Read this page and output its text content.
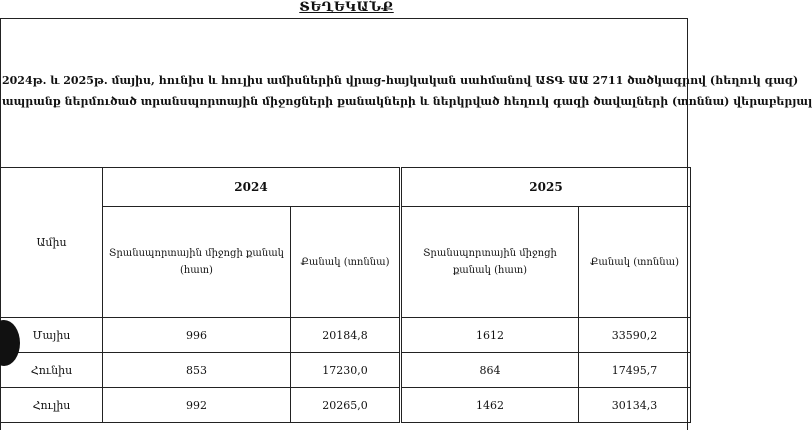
ՏԵՂԵԿԱՆՔ
2024թ. և 2025թ. մայիս, հունիս և հուլիս ամիսներին վրաց-հայկական սահմանով ԱՏԳ ԱԱ 2711 ծածկագրով (հեղուկ գազ)
ապրանք ներմուծած տրանսպորտային միջոցների քանակների և ներկրված հեղուկ գազի ծավալների (տոննա) վերաբերյալ
Ամիս	2024		2025	
	Տրանսպորտային միջոցի քանակ (հատ)	Քանակ (տոննա)	Տրանսպորտային միջոցի քանակ (հատ)	Քանակ (տոննա)
Մայիս	996	20184,8	1612	33590,2
Հունիս	853	17230,0	864	17495,7
Հուլիս	992	20265,0	1462	30134,3
